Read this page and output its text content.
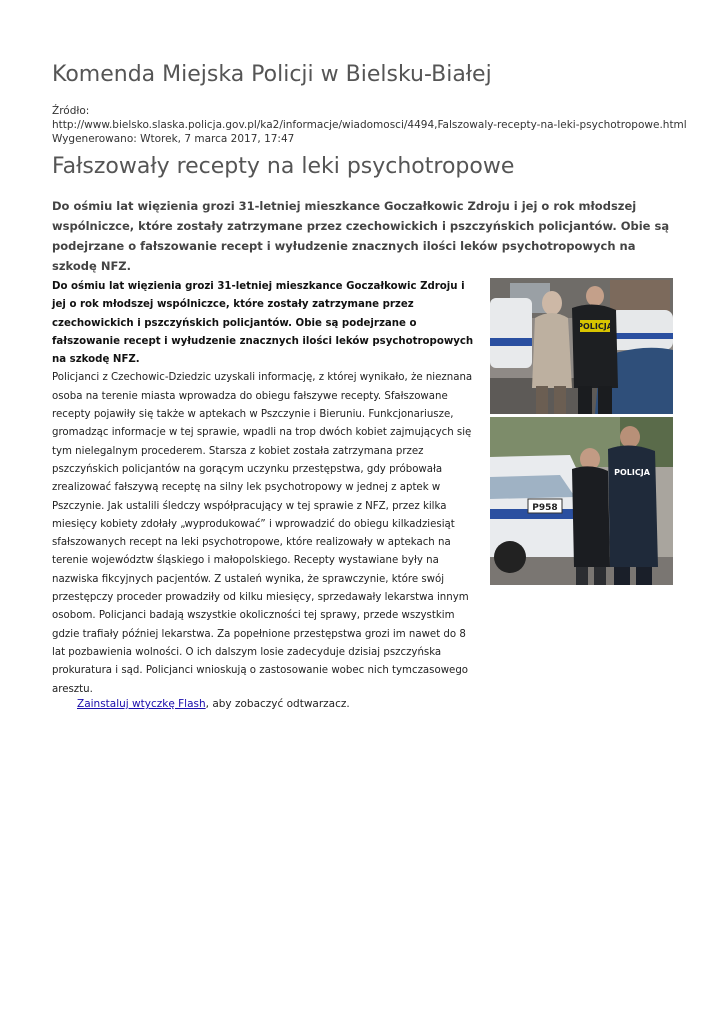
Komenda Miejska Policji w Bielsku-Białej
Źródło:
http://www.bielsko.slaska.policja.gov.pl/ka2/informacje/wiadomosci/4494,Falszowaly-recepty-na-leki-psychotropowe.html
Wygenerowano: Wtorek, 7 marca 2017, 17:47
Fałszowały recepty na leki psychotropowe

Do ośmiu lat więzienia grozi 31-letniej mieszkance Goczałkowic Zdroju i jej o rok młodszej wspólniczce, które zostały zatrzymane przez czechowickich i pszczyńskich policjantów. Obie są podejrzane o fałszowanie recept i wyłudzenie znacznych ilości leków psychotropowych na szkodę NFZ.

Do ośmiu lat więzienia grozi 31-letniej mieszkance Goczałkowic Zdroju i jej o rok młodszej wspólniczce, które zostały zatrzymane przez czechowickich i pszczyńskich policjantów. Obie są podejrzane o fałszowanie recept i wyłudzenie znacznych ilości leków psychotropowych na szkodę NFZ.

Policjanci z Czechowic-Dziedzic uzyskali informację, z której wynikało, że nieznana osoba na terenie miasta wprowadza do obiegu fałszywe recepty. Sfałszowane recepty pojawiły się także w aptekach w Pszczynie i Bieruniu. Funkcjonariusze, gromadząc informacje w tej sprawie, wpadli na trop dwóch kobiet zajmujących się tym nielegalnym procederem. Starsza z kobiet została zatrzymana przez pszczyńskich policjantów na gorącym uczynku przestępstwa, gdy próbowała zrealizować fałszywą receptę na silny lek psychotropowy w jednej z aptek w Pszczynie. Jak ustalili śledczy współpracujący w tej sprawie z NFZ, przez kilka miesięcy kobiety zdołały „wyprodukować” i wprowadzić do obiegu kilkadziesiąt sfałszowanych recept na leki psychotropowe, które realizowały w aptekach na terenie województw śląskiego i małopolskiego. Recepty wystawiane były na nazwiska fikcyjnych pacjentów. Z ustaleń wynika, że sprawczynie, które swój przestępczy proceder prowadziły od kilku miesięcy, sprzedawały lekarstwa innym osobom. Policjanci badają wszystkie okoliczności tej sprawy, przede wszystkim gdzie trafiały później lekarstwa. Za popełnione przestępstwa grozi im nawet do 8 lat pozbawienia wolności. O ich dalszym losie zadecyduje dzisiaj pszczyńska prokuratura i sąd. Policjanci wnioskują o zastosowanie wobec nich tymczasowego aresztu.

POLICJA
P958
POLICJA
Zainstaluj wtyczkę Flash, aby zobaczyć odtwarzacz.
